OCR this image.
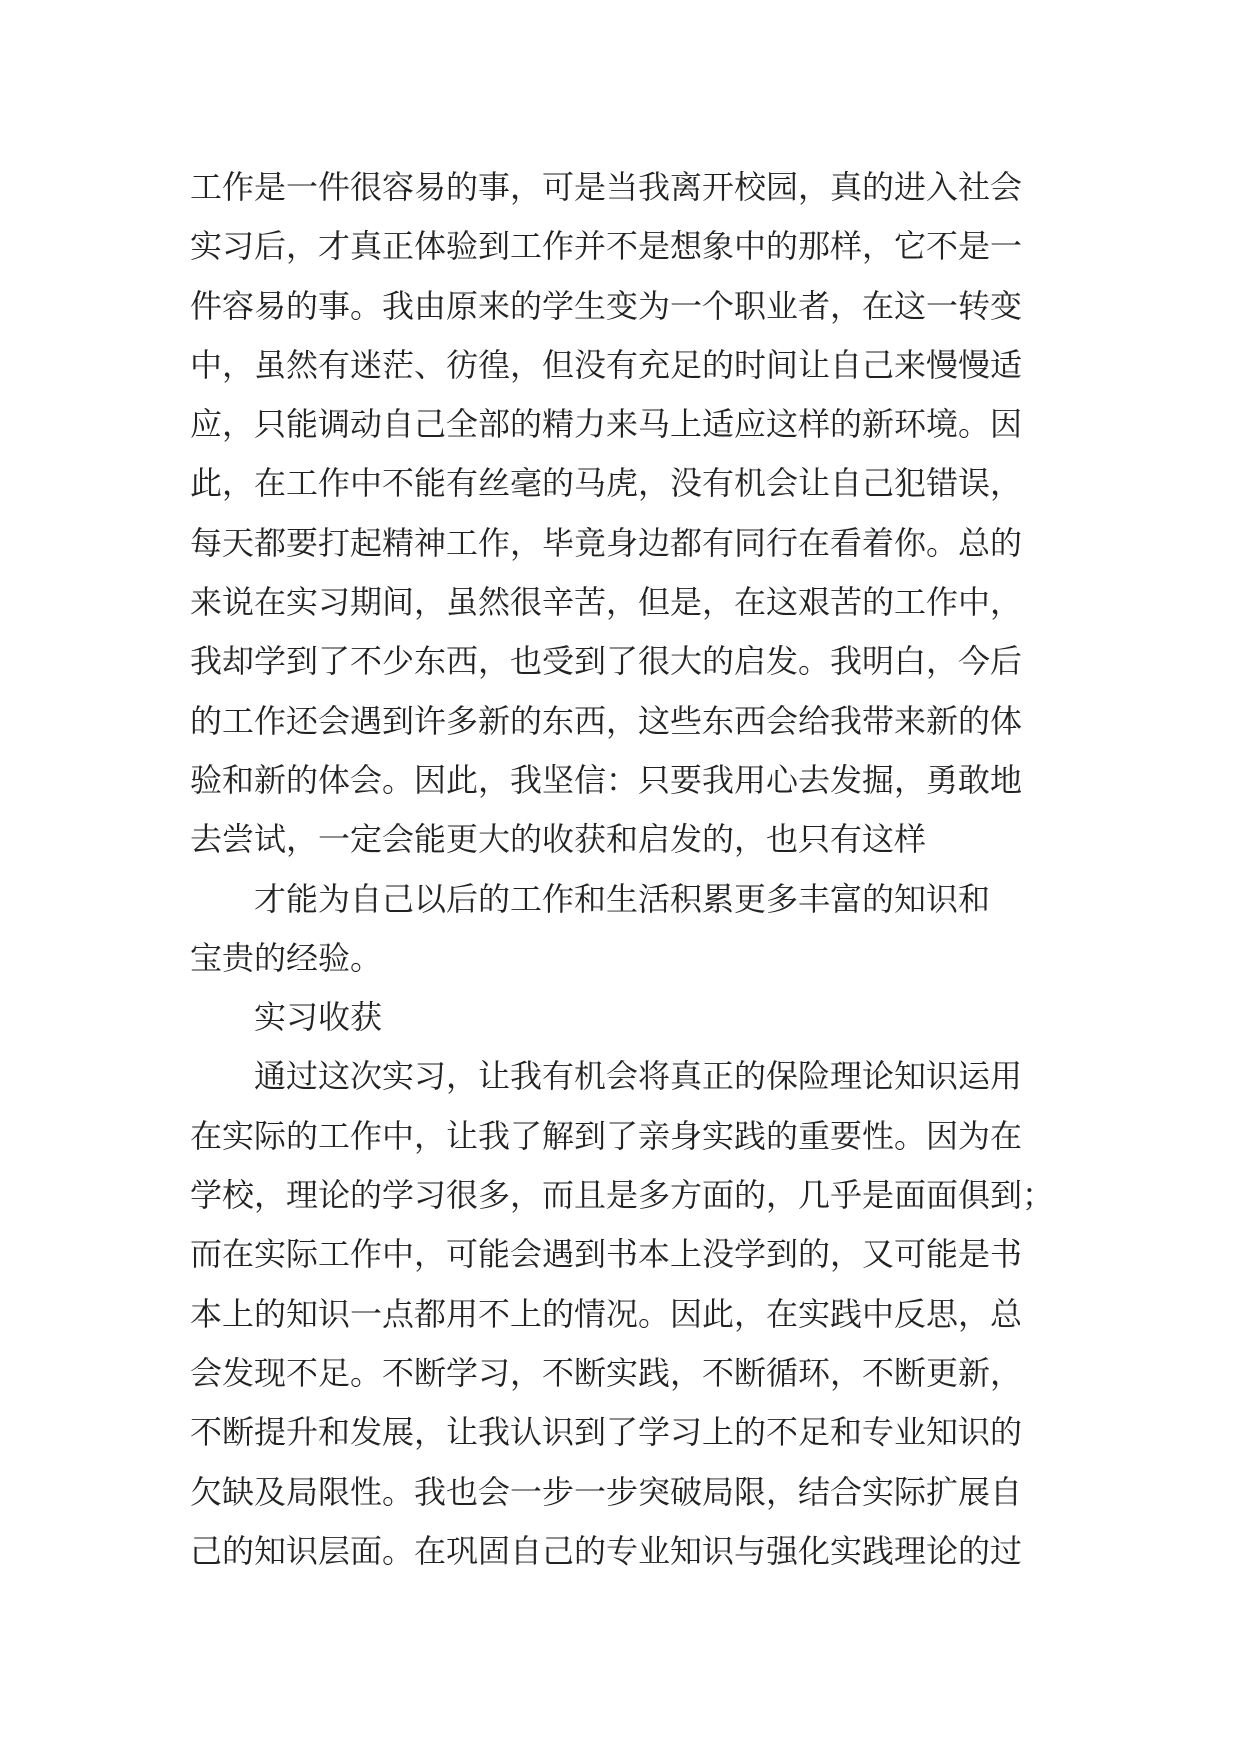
工作是一件很容易的事，可是当我离开校园，真的进入社会
实习后，才真正体验到工作并不是想象中的那样，它不是一
件容易的事。我由原来的学生变为一个职业者，在这一转变
中，虽然有迷茫、彷徨，但没有充足的时间让自己来慢慢适
应，只能调动自己全部的精力来马上适应这样的新环境。因
此，在工作中不能有丝毫的马虎，没有机会让自己犯错误，
每天都要打起精神工作，毕竟身边都有同行在看着你。总的
来说在实习期间，虽然很辛苦，但是，在这艰苦的工作中，
我却学到了不少东西，也受到了很大的启发。我明白，今后
的工作还会遇到许多新的东西，这些东西会给我带来新的体
验和新的体会。因此，我坚信：只要我用心去发掘，勇敢地
去尝试，一定会能更大的收获和启发的，也只有这样
才能为自己以后的工作和生活积累更多丰富的知识和
宝贵的经验。
实习收获
通过这次实习，让我有机会将真正的保险理论知识运用
在实际的工作中，让我了解到了亲身实践的重要性。因为在
学校，理论的学习很多，而且是多方面的，几乎是面面俱到；
而在实际工作中，可能会遇到书本上没学到的，又可能是书
本上的知识一点都用不上的情况。因此，在实践中反思，总
会发现不足。不断学习，不断实践，不断循环，不断更新，
不断提升和发展，让我认识到了学习上的不足和专业知识的
欠缺及局限性。我也会一步一步突破局限，结合实际扩展自
己的知识层面。在巩固自己的专业知识与强化实践理论的过
